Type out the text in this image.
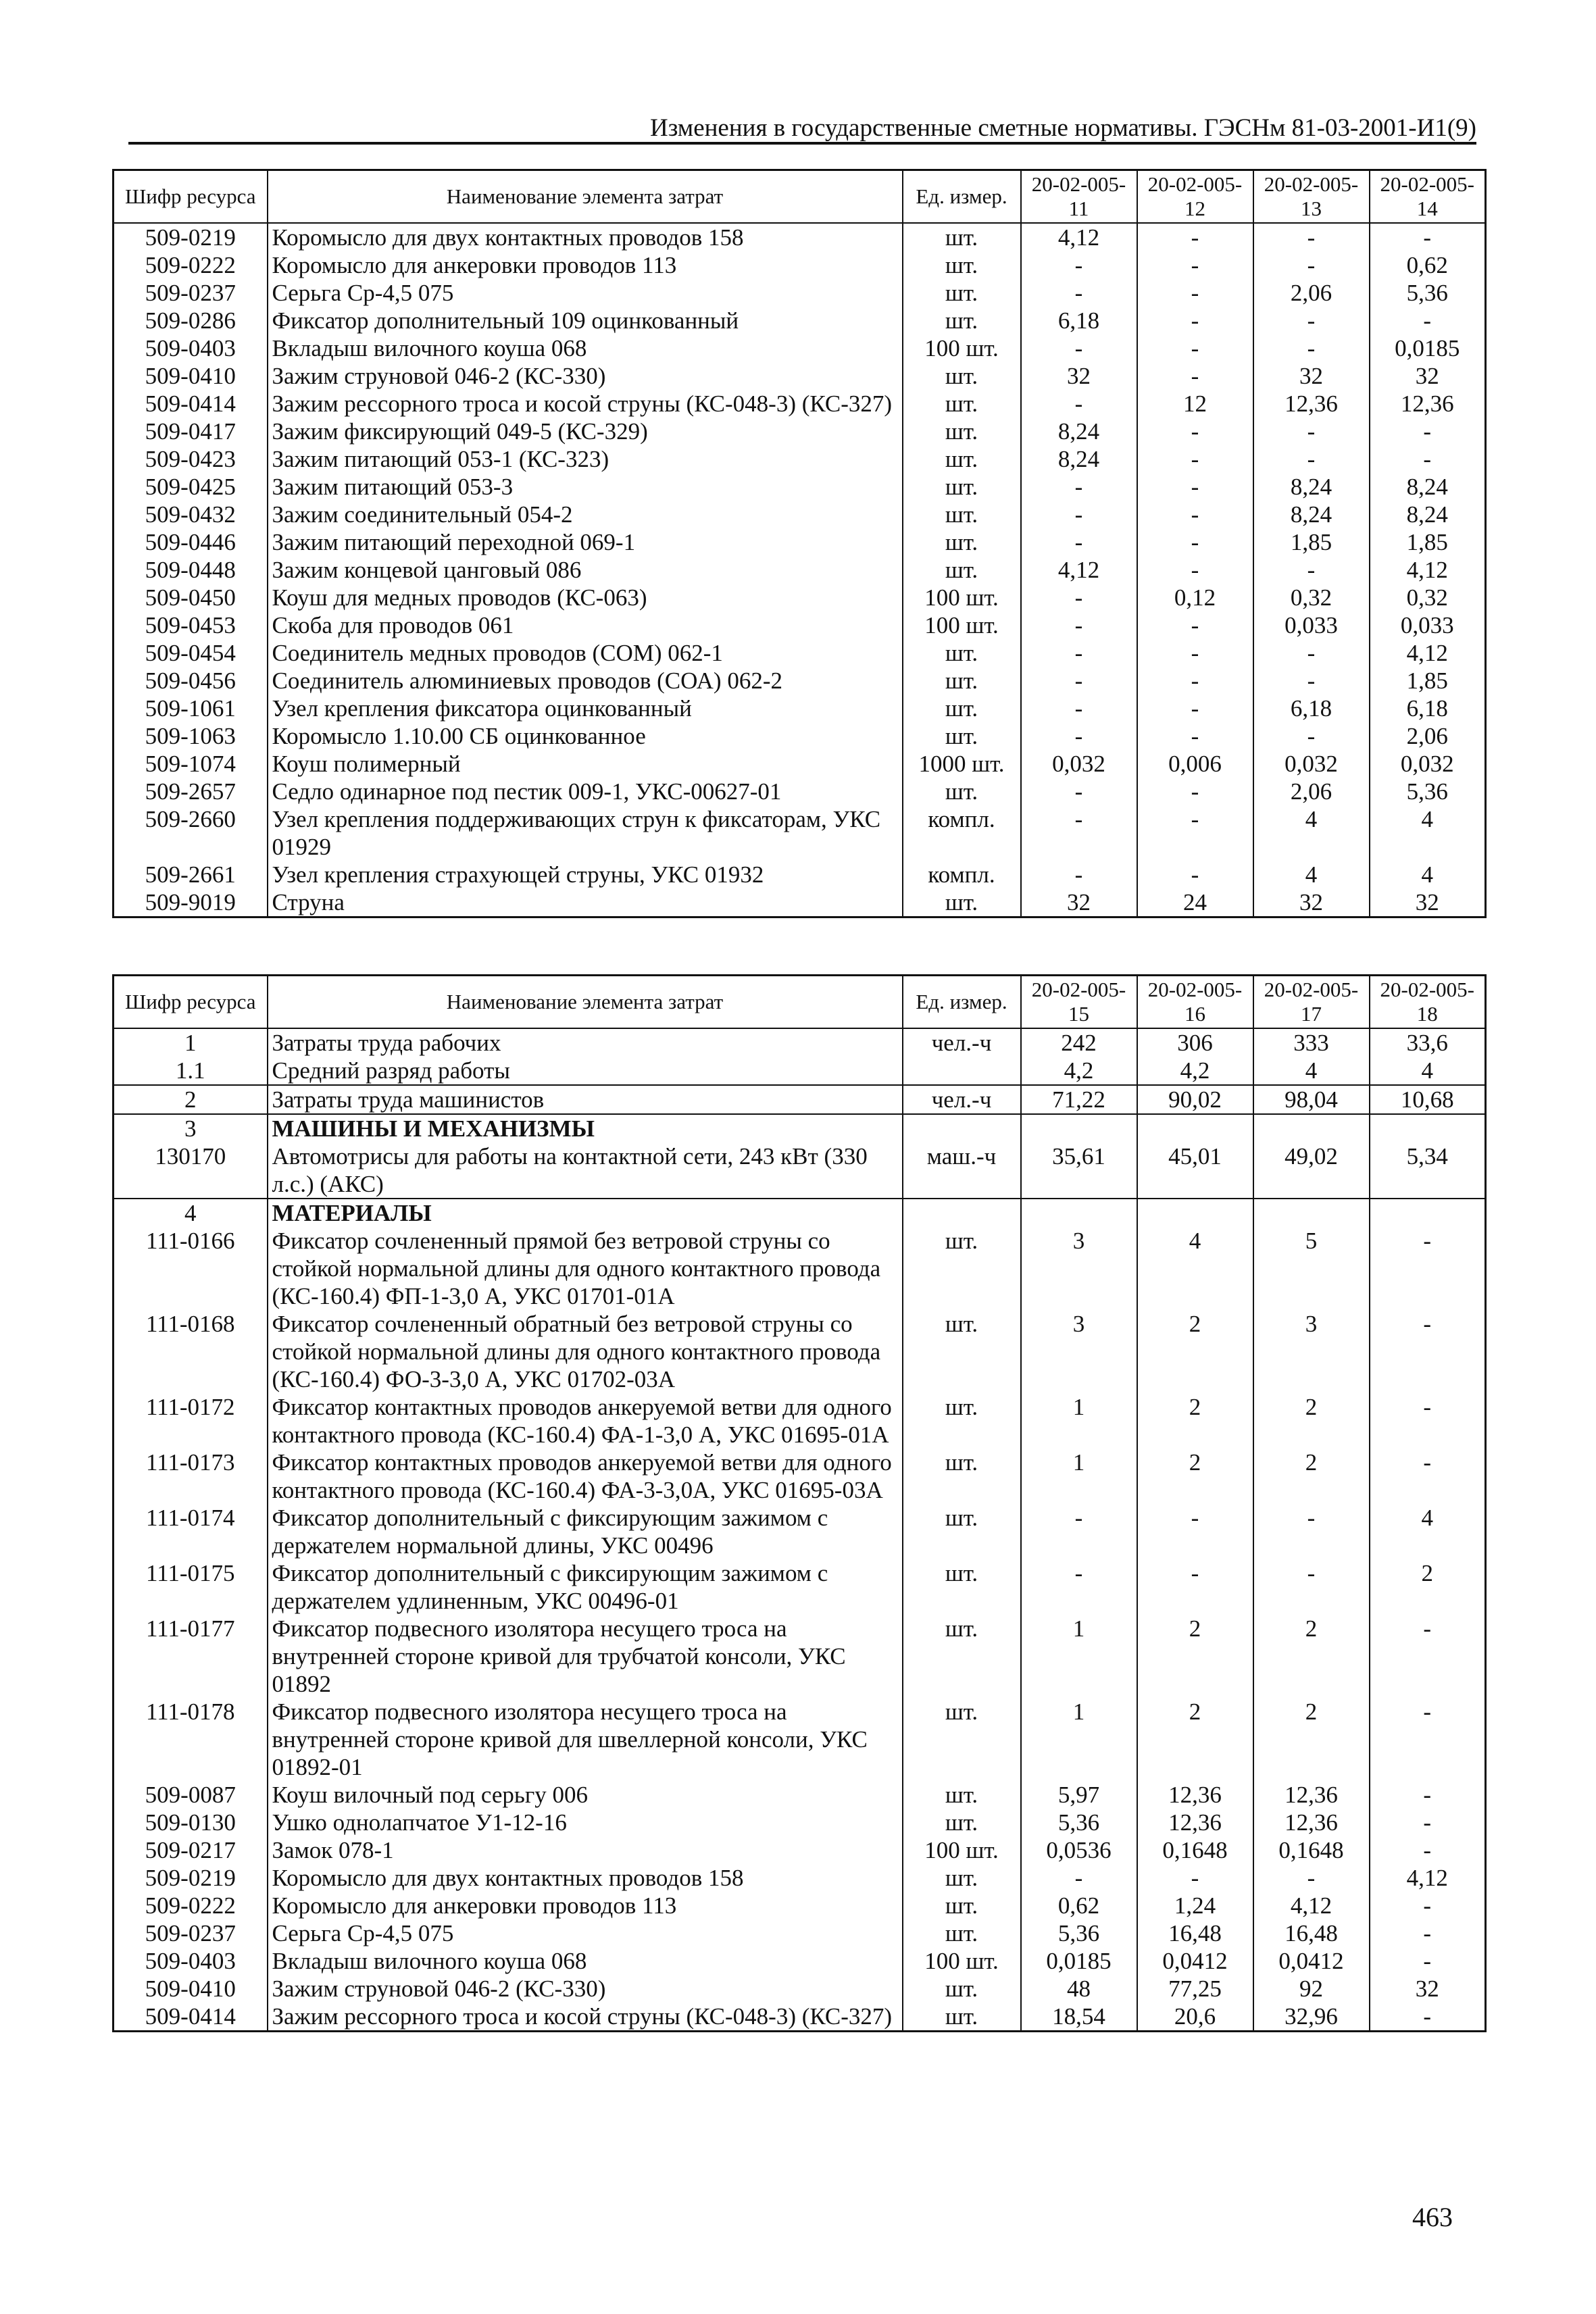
Изменения в государственные сметные нормативы. ГЭСНм 81-03-2001-И1(9)
Шифр ресурса	Наименование элемента затрат	Ед. измер.	20-02-005-11	20-02-005-12	20-02-005-13	20-02-005-14
509-0219	Коромысло для двух контактных проводов 158	шт.	4,12	-	-	-
509-0222	Коромысло для анкеровки проводов 113	шт.	-	-	-	0,62
509-0237	Серьга Ср-4,5 075	шт.	-	-	2,06	5,36
509-0286	Фиксатор дополнительный 109 оцинкованный	шт.	6,18	-	-	-
509-0403	Вкладыш вилочного коуша 068	100 шт.	-	-	-	0,0185
509-0410	Зажим струновой 046-2 (КС-330)	шт.	32	-	32	32
509-0414	Зажим рессорного троса и косой струны (КС-048-3) (КС-327)	шт.	-	12	12,36	12,36
509-0417	Зажим фиксирующий 049-5 (КС-329)	шт.	8,24	-	-	-
509-0423	Зажим питающий 053-1 (КС-323)	шт.	8,24	-	-	-
509-0425	Зажим питающий 053-3	шт.	-	-	8,24	8,24
509-0432	Зажим соединительный 054-2	шт.	-	-	8,24	8,24
509-0446	Зажим питающий переходной 069-1	шт.	-	-	1,85	1,85
509-0448	Зажим концевой цанговый 086	шт.	4,12	-	-	4,12
509-0450	Коуш для медных проводов (КС-063)	100 шт.	-	0,12	0,32	0,32
509-0453	Скоба для проводов 061	100 шт.	-	-	0,033	0,033
509-0454	Соединитель медных проводов (СОМ) 062-1	шт.	-	-	-	4,12
509-0456	Соединитель алюминиевых проводов (СОА) 062-2	шт.	-	-	-	1,85
509-1061	Узел крепления фиксатора оцинкованный	шт.	-	-	6,18	6,18
509-1063	Коромысло 1.10.00 СБ оцинкованное	шт.	-	-	-	2,06
509-1074	Коуш полимерный	1000 шт.	0,032	0,006	0,032	0,032
509-2657	Седло одинарное под пестик 009-1, УКС-00627-01	шт.	-	-	2,06	5,36
509-2660	Узел крепления поддерживающих струн к фиксаторам, УКС 01929	компл.	-	-	4	4
509-2661	Узел крепления страхующей струны, УКС 01932	компл.	-	-	4	4
509-9019	Струна	шт.	32	24	32	32
Шифр ресурса	Наименование элемента затрат	Ед. измер.	20-02-005-15	20-02-005-16	20-02-005-17	20-02-005-18
1	Затраты труда рабочих	чел.-ч	242	306	333	33,6
1.1	Средний разряд работы		4,2	4,2	4	4
2	Затраты труда машинистов	чел.-ч	71,22	90,02	98,04	10,68
3	МАШИНЫ И МЕХАНИЗМЫ					
130170	Автомотрисы для работы на контактной сети, 243 кВт (330 л.с.) (АКС)	маш.-ч	35,61	45,01	49,02	5,34
4	МАТЕРИАЛЫ					
111-0166	Фиксатор сочлененный прямой без ветровой струны со стойкой нормальной длины для одного контактного провода (КС-160.4) ФП-1-3,0 А, УКС 01701-01А	шт.	3	4	5	-
111-0168	Фиксатор сочлененный обратный без ветровой струны со стойкой нормальной длины для одного контактного провода (КС-160.4) ФО-3-3,0 А, УКС 01702-03А	шт.	3	2	3	-
111-0172	Фиксатор контактных проводов анкеруемой ветви для одного контактного провода (КС-160.4) ФА-1-3,0 А, УКС 01695-01А	шт.	1	2	2	-
111-0173	Фиксатор контактных проводов анкеруемой ветви для одного контактного провода (КС-160.4) ФА-3-3,0А, УКС 01695-03А	шт.	1	2	2	-
111-0174	Фиксатор дополнительный с фиксирующим зажимом с держателем нормальной длины, УКС 00496	шт.	-	-	-	4
111-0175	Фиксатор дополнительный с фиксирующим зажимом с держателем удлиненным, УКС 00496-01	шт.	-	-	-	2
111-0177	Фиксатор подвесного изолятора несущего троса на внутренней стороне кривой для трубчатой консоли, УКС 01892	шт.	1	2	2	-
111-0178	Фиксатор подвесного изолятора несущего троса на внутренней стороне кривой для швеллерной консоли, УКС 01892-01	шт.	1	2	2	-
509-0087	Коуш вилочный под серьгу 006	шт.	5,97	12,36	12,36	-
509-0130	Ушко однолапчатое У1-12-16	шт.	5,36	12,36	12,36	-
509-0217	Замок 078-1	100 шт.	0,0536	0,1648	0,1648	-
509-0219	Коромысло для двух контактных проводов 158	шт.	-	-	-	4,12
509-0222	Коромысло для анкеровки проводов 113	шт.	0,62	1,24	4,12	-
509-0237	Серьга Ср-4,5 075	шт.	5,36	16,48	16,48	-
509-0403	Вкладыш вилочного коуша 068	100 шт.	0,0185	0,0412	0,0412	-
509-0410	Зажим струновой 046-2 (КС-330)	шт.	48	77,25	92	32
509-0414	Зажим рессорного троса и косой струны (КС-048-3) (КС-327)	шт.	18,54	20,6	32,96	-
463
